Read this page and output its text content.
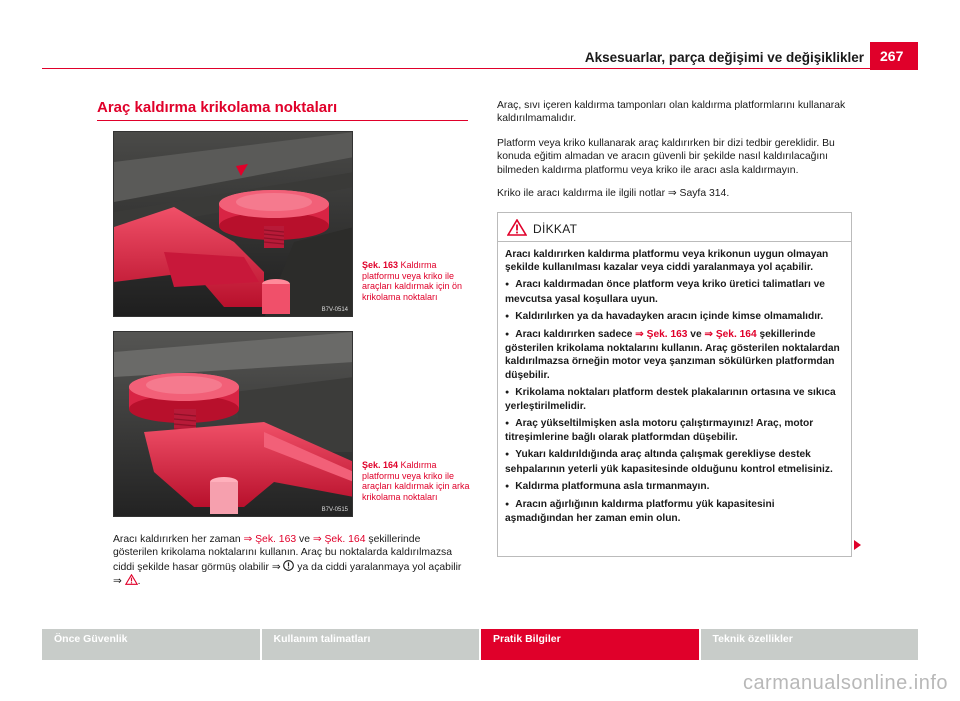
Aksesuarlar, parça değişimi ve değişiklikler	267
Araç kaldırma krikolama noktaları
B7V-0514
Şek. 163 Kaldırma platformu veya kriko ile araçları kaldırmak için ön krikolama noktaları
B7V-0515
Şek. 164 Kaldırma platformu veya kriko ile araçları kaldırmak için arka krikolama noktaları
Aracı kaldırırken her zaman ⇒ Şek. 163 ve ⇒ Şek. 164 şekillerinde gösterilen krikolama noktalarını kullanın. Araç bu noktalarda kaldırılmazsa ciddi şekilde hasar görmüş olabilir ⇒  ya da ciddi yaralanmaya yol açabilir ⇒ .
Araç, sıvı içeren kaldırma tamponları olan kaldırma platformlarını kullanarak kaldırılmamalıdır.
Platform veya kriko kullanarak araç kaldırırken bir dizi tedbir gereklidir. Bu konuda eğitim almadan ve aracın güvenli bir şekilde nasıl kaldırılacağını bilmeden kaldırma platformu veya kriko ile aracı asla kaldırmayın.
Kriko ile aracı kaldırma ile ilgili notlar ⇒ Sayfa 314.
DİKKAT

Aracı kaldırırken kaldırma platformu veya krikonun uygun olmayan şekilde kullanılması kazalar veya ciddi yaralanmaya yol açabilir.

● Aracı kaldırmadan önce platform veya kriko üretici talimatları ve mevcutsa yasal koşullara uyun.

● Kaldırılırken ya da havadayken aracın içinde kimse olmamalıdır.

● Aracı kaldırırken sadece ⇒ Şek. 163 ve ⇒ Şek. 164 şekillerinde gösterilen krikolama noktalarını kullanın. Araç gösterilen noktalardan kaldırılmazsa örneğin motor veya şanzıman sökülürken platformdan düşebilir.

● Krikolama noktaları platform destek plakalarının ortasına ve sıkıca yerleştirilmelidir.

● Araç yükseltilmişken asla motoru çalıştırmayınız! Araç, motor titreşimlerine bağlı olarak platformdan düşebilir.

● Yukarı kaldırıldığında araç altında çalışmak gerekliyse destek sehpalarının yeterli yük kapasitesinde olduğunu kontrol etmelisiniz.

● Kaldırma platformuna asla tırmanmayın.

● Aracın ağırlığının kaldırma platformu yük kapasitesini aşmadığından her zaman emin olun.

Önce Güvenlik	Kullanım talimatları	Pratik Bilgiler	Teknik özellikler
carmanualsonline.info
